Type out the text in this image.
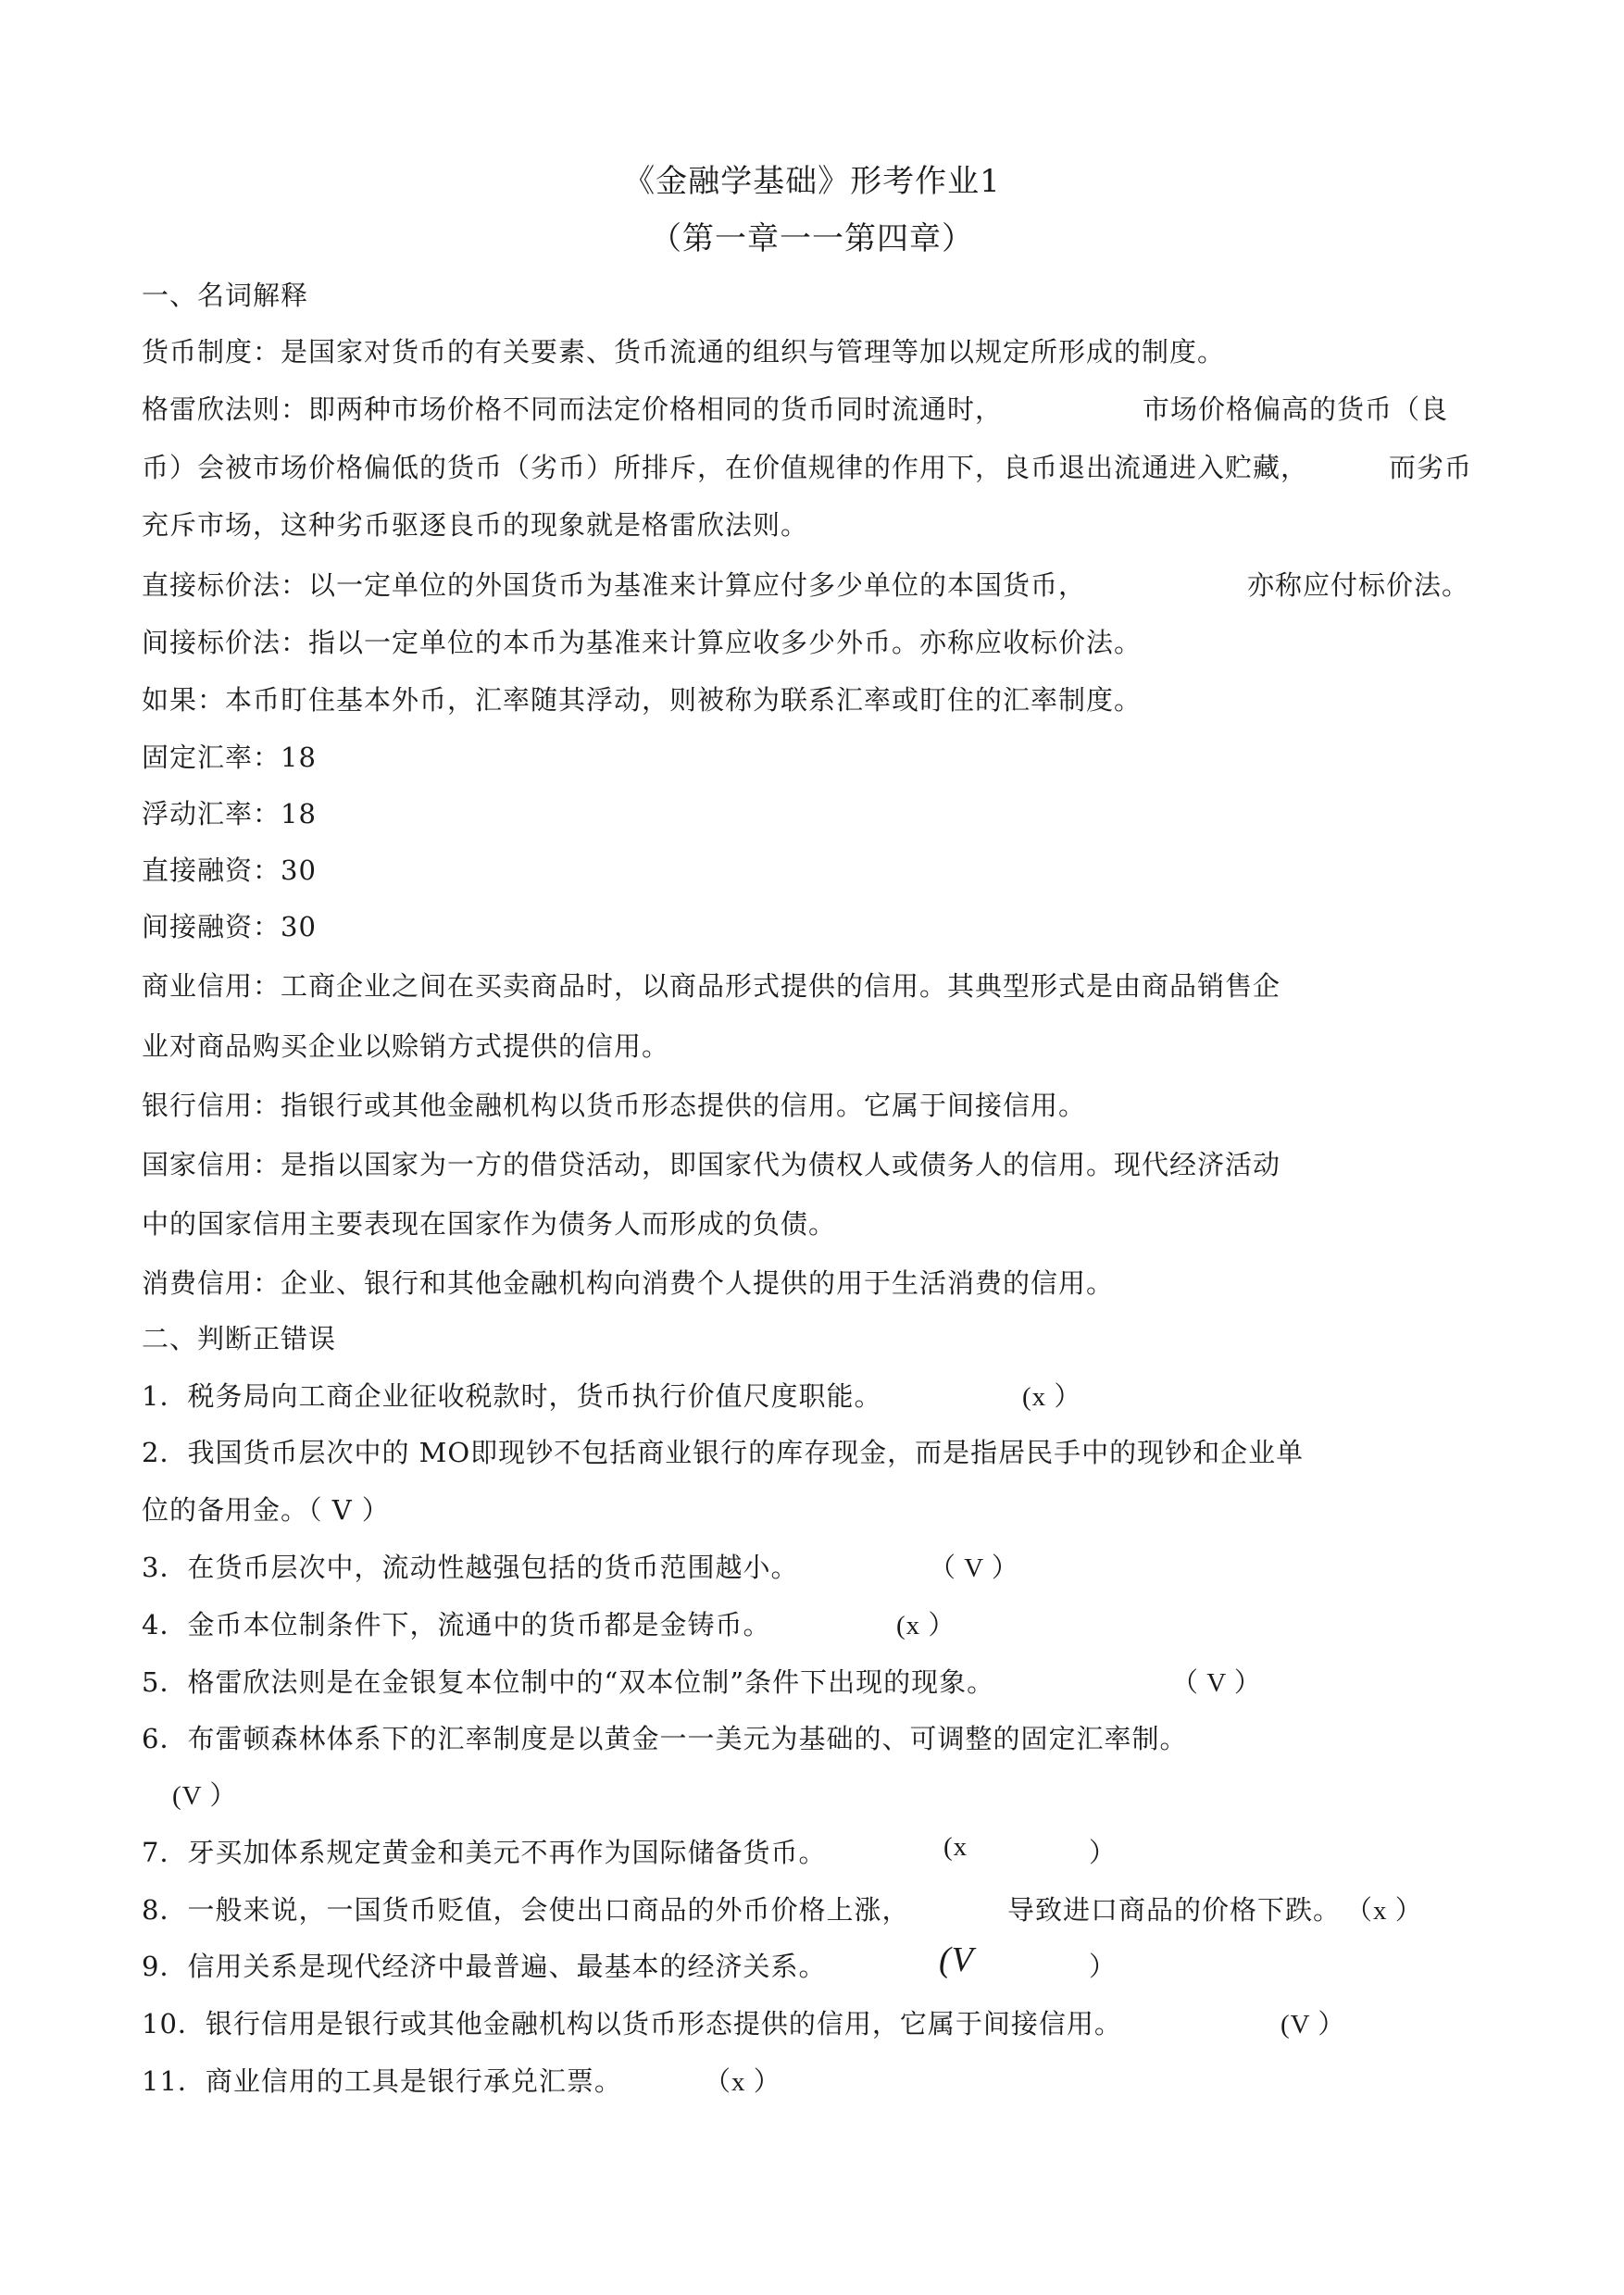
《金融学基础》形考作业1
（第一章一一第四章）
一、名词解释
货币制度：是国家对货币的有关要素、货币流通的组织与管理等加以规定所形成的制度。
格雷欣法则：即两种市场价格不同而法定价格相同的货币同时流通时，	市场价格偏高的货币（良
币）会被市场价格偏低的货币（劣币）所排斥，在价值规律的作用下，良币退出流通进入贮藏，	而劣币
充斥市场，这种劣币驱逐良币的现象就是格雷欣法则。
直接标价法：以一定单位的外国货币为基准来计算应付多少单位的本国货币，	亦称应付标价法。
间接标价法：指以一定单位的本币为基准来计算应收多少外币。亦称应收标价法。
如果：本币盯住基本外币，汇率随其浮动，则被称为联系汇率或盯住的汇率制度。
固定汇率：18
浮动汇率：18
直接融资：30
间接融资：30
商业信用：工商企业之间在买卖商品时，以商品形式提供的信用。其典型形式是由商品销售企
业对商品购买企业以赊销方式提供的信用。
银行信用：指银行或其他金融机构以货币形态提供的信用。它属于间接信用。
国家信用：是指以国家为一方的借贷活动，即国家代为债权人或债务人的信用。现代经济活动
中的国家信用主要表现在国家作为债务人而形成的负债。
消费信用：企业、银行和其他金融机构向消费个人提供的用于生活消费的信用。
二、判断正错误
1．税务局向工商企业征收税款时，货币执行价值尺度职能。	(x ）
2．我国货币层次中的 MO即现钞不包括商业银行的库存现金，而是指居民手中的现钞和企业单
位的备用金。（ V ）
3．在货币层次中，流动性越强包括的货币范围越小。	（ V ）
4．金币本位制条件下，流通中的货币都是金铸币。	(x ）
5．格雷欣法则是在金银复本位制中的“双本位制”条件下出现的现象。	（ V ）
6．布雷顿森林体系下的汇率制度是以黄金一一美元为基础的、可调整的固定汇率制。
(V ）
7．牙买加体系规定黄金和美元不再作为国际储备货币。	(x	）
8．一般来说，一国货币贬值，会使出口商品的外币价格上涨，	导致进口商品的价格下跌。 （x ）
9．信用关系是现代经济中最普遍、最基本的经济关系。	(V	）
10．银行信用是银行或其他金融机构以货币形态提供的信用，它属于间接信用。	(V ）
11．商业信用的工具是银行承兑汇票。	（x ）
